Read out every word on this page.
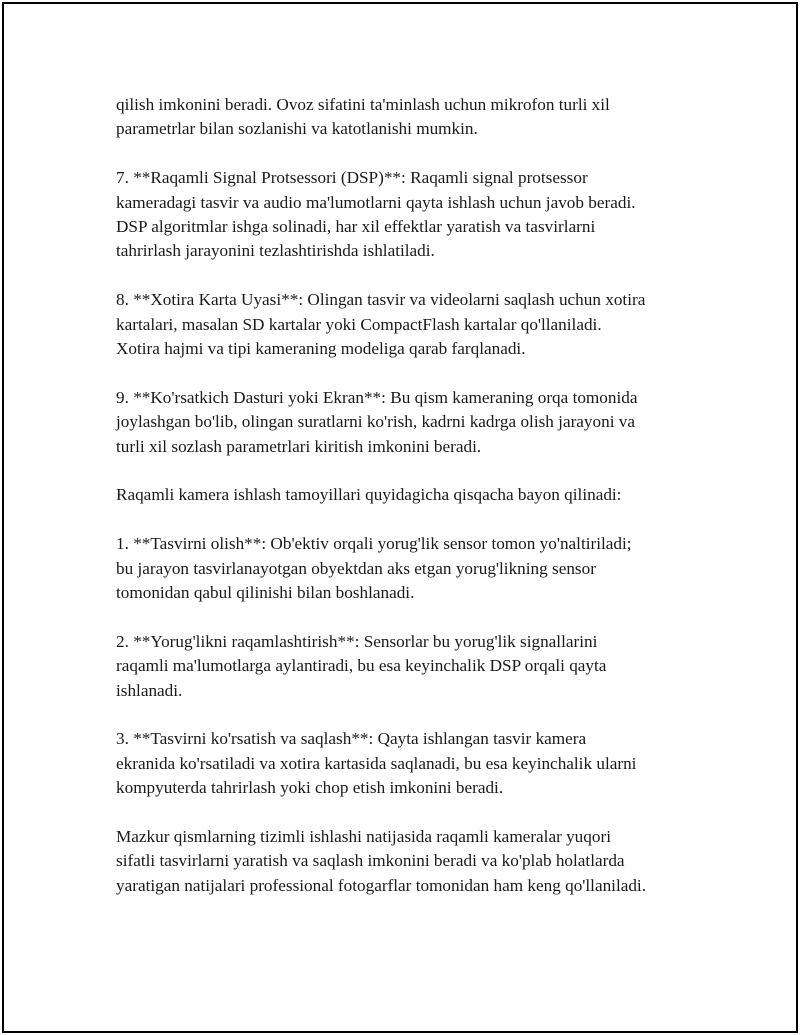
qilish imkonini beradi. Ovoz sifatini ta'minlash uchun mikrofon turli xil
parametrlar bilan sozlanishi va katotlanishi mumkin.

7. **Raqamli Signal Protsessori (DSP)**: Raqamli signal protsessor
kameradagi tasvir va audio ma'lumotlarni qayta ishlash uchun javob beradi.
DSP algoritmlar ishga solinadi, har xil effektlar yaratish va tasvirlarni
tahrirlash jarayonini tezlashtirishda ishlatiladi.

8. **Xotira Karta Uyasi**: Olingan tasvir va videolarni saqlash uchun xotira
kartalari, masalan SD kartalar yoki CompactFlash kartalar qo'llaniladi.
Xotira hajmi va tipi kameraning modeliga qarab farqlanadi.

9. **Ko'rsatkich Dasturi yoki Ekran**: Bu qism kameraning orqa tomonida
joylashgan bo'lib, olingan suratlarni ko'rish, kadrni kadrga olish jarayoni va
turli xil sozlash parametrlari kiritish imkonini beradi.

Raqamli kamera ishlash tamoyillari quyidagicha qisqacha bayon qilinadi:

1. **Tasvirni olish**: Ob'ektiv orqali yorug'lik sensor tomon yo'naltiriladi;
bu jarayon tasvirlanayotgan obyektdan aks etgan yorug'likning sensor
tomonidan qabul qilinishi bilan boshlanadi.

2. **Yorug'likni raqamlashtirish**: Sensorlar bu yorug'lik signallarini
raqamli ma'lumotlarga aylantiradi, bu esa keyinchalik DSP orqali qayta
ishlanadi.

3. **Tasvirni ko'rsatish va saqlash**: Qayta ishlangan tasvir kamera
ekranida ko'rsatiladi va xotira kartasida saqlanadi, bu esa keyinchalik ularni
kompyuterda tahrirlash yoki chop etish imkonini beradi.

Mazkur qismlarning tizimli ishlashi natijasida raqamli kameralar yuqori
sifatli tasvirlarni yaratish va saqlash imkonini beradi va ko'plab holatlarda
yaratigan natijalari professional fotogarflar tomonidan ham keng qo'llaniladi.
